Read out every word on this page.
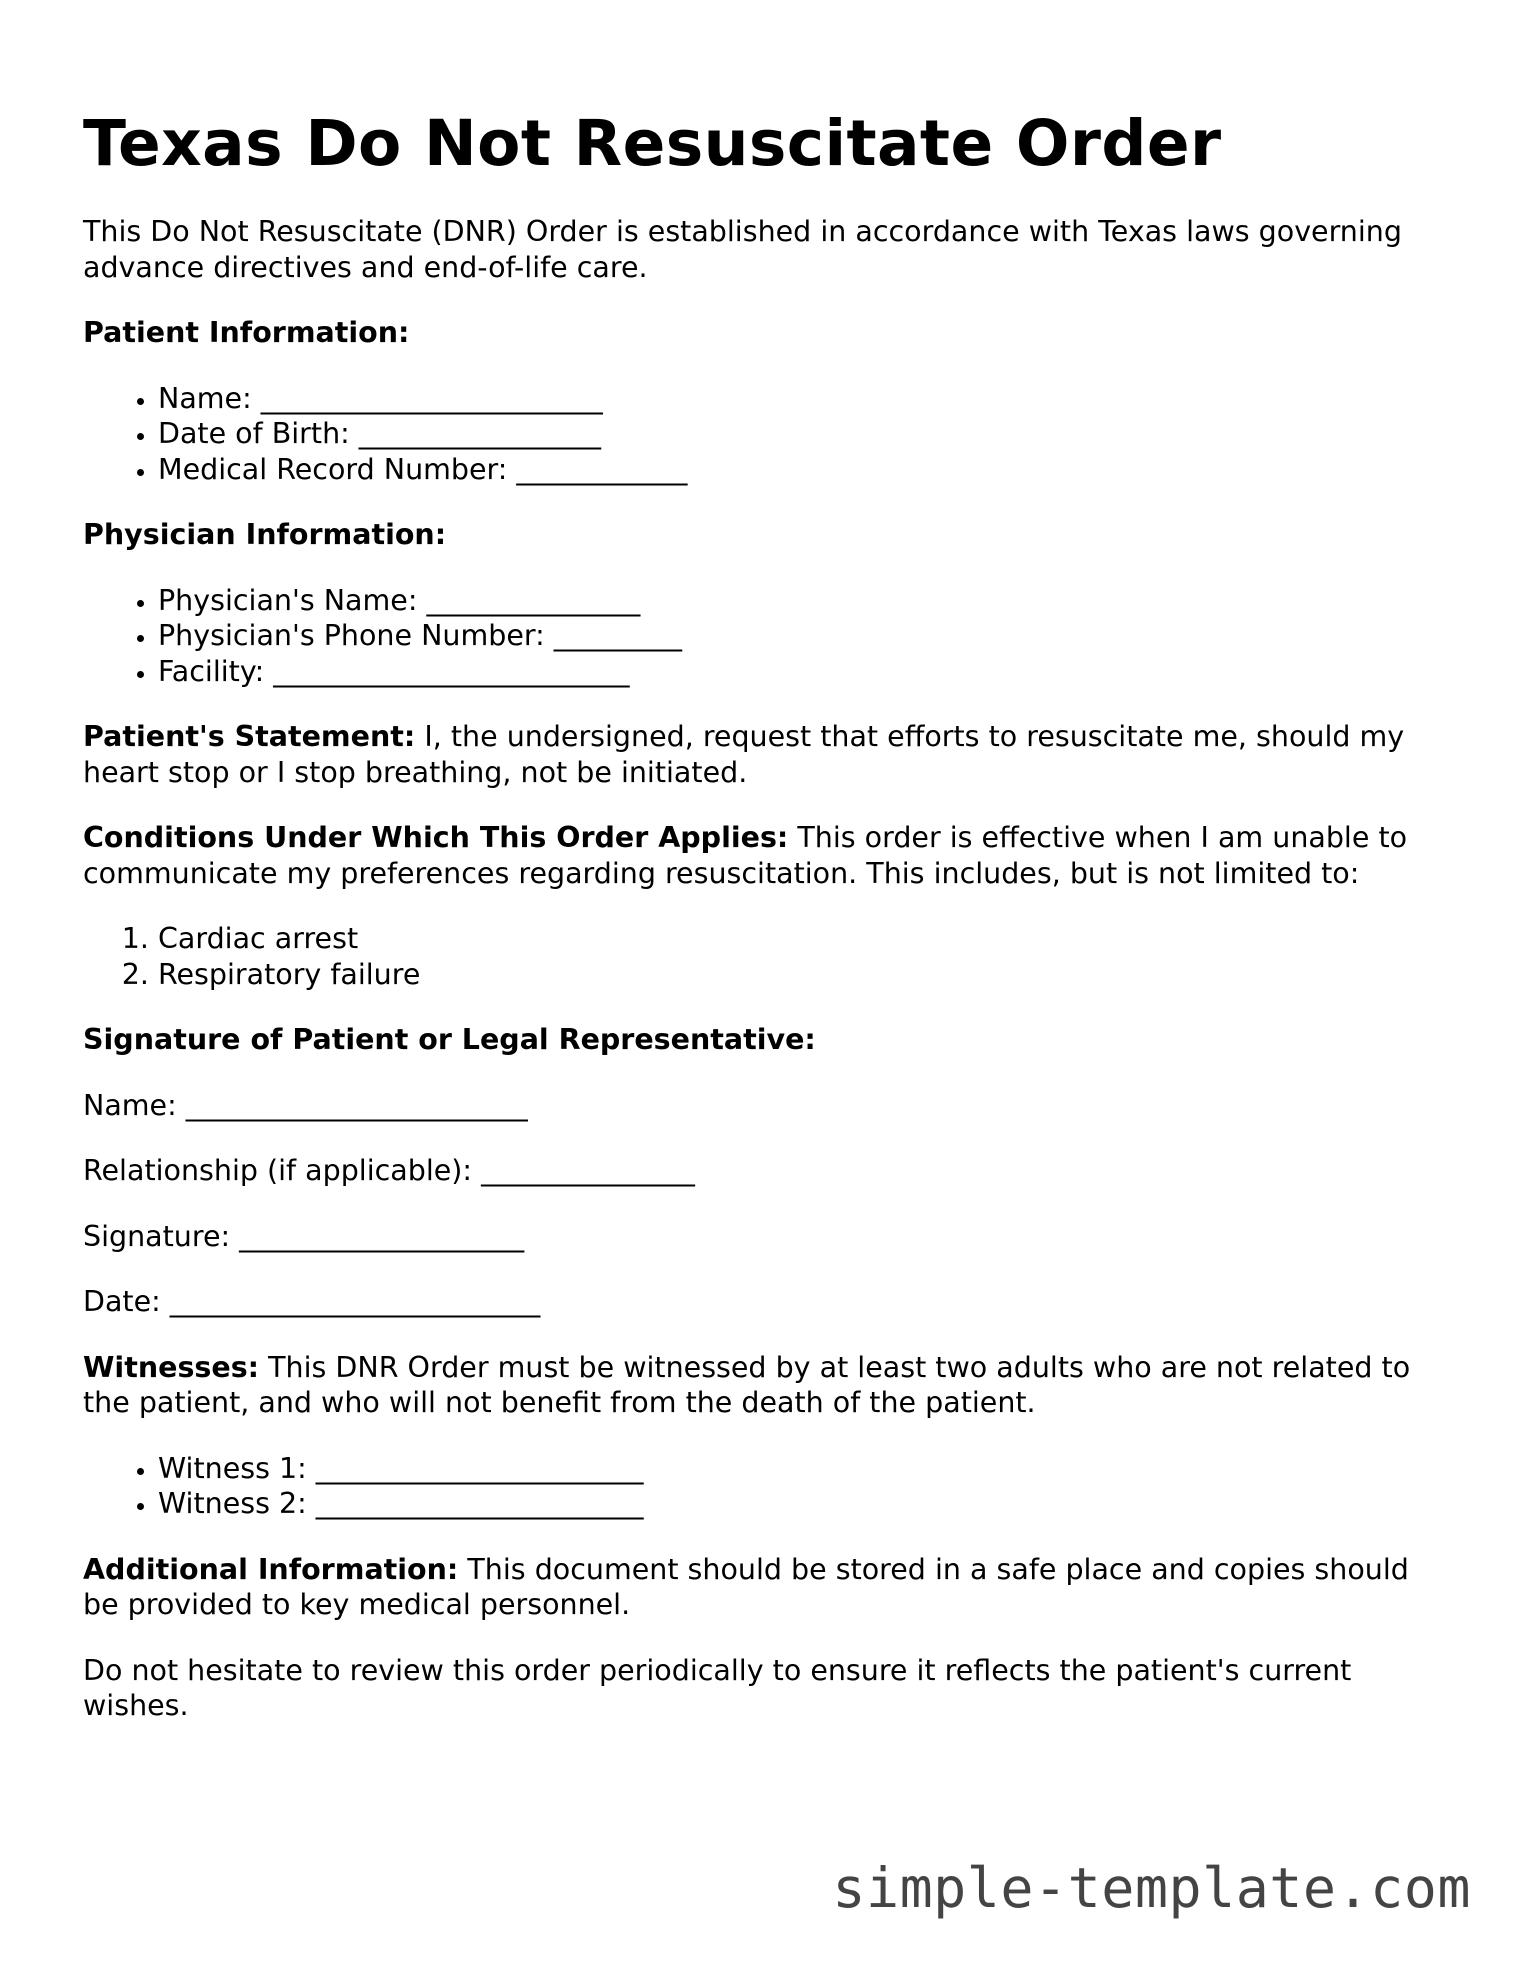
Texas Do Not Resuscitate Order

This Do Not Resuscitate (DNR) Order is established in accordance with Texas laws governing advance directives and end-of-life care.

Patient Information:

• Name: ________________________
• Date of Birth: _________________
• Medical Record Number: ____________

Physician Information:

• Physician's Name: _______________
• Physician's Phone Number: _________
• Facility: _________________________

Patient's Statement: I, the undersigned, request that efforts to resuscitate me, should my heart stop or I stop breathing, not be initiated.

Conditions Under Which This Order Applies: This order is effective when I am unable to communicate my preferences regarding resuscitation. This includes, but is not limited to:

1. Cardiac arrest
2. Respiratory failure

Signature of Patient or Legal Representative:

Name: ________________________

Relationship (if applicable): _______________

Signature: ____________________

Date: __________________________

Witnesses: This DNR Order must be witnessed by at least two adults who are not related to the patient, and who will not benefit from the death of the patient.

• Witness 1: _______________________
• Witness 2: _______________________

Additional Information: This document should be stored in a safe place and copies should be provided to key medical personnel.

Do not hesitate to review this order periodically to ensure it reflects the patient's current wishes.

simple-template.com
